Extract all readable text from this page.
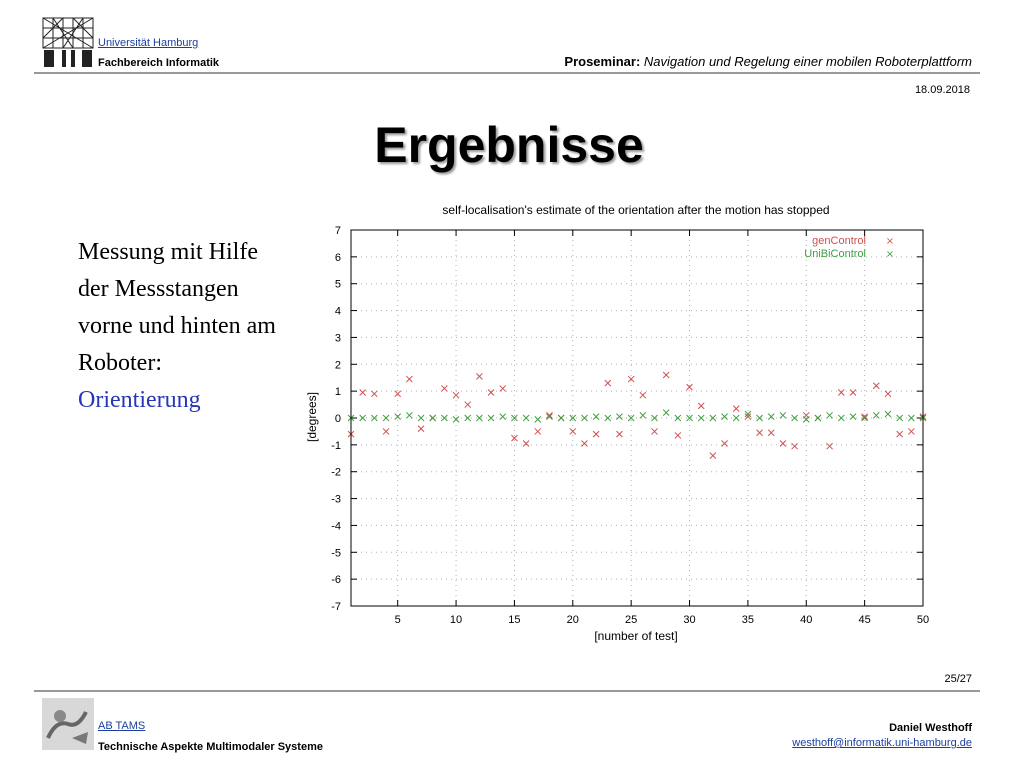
Universität Hamburg
Fachbereich Informatik	Proseminar: Navigation und Regelung einer mobilen Roboterplattform
18.09.2018
Ergebnisse
Messung mit Hilfe
der Messstangen
vorne und hinten am
Roboter:
Orientierung
self-localisation's estimate of the orientation after the motion has stopped
7
6
5
4
3
2
1
0
-1
-2
-3
-4
-5
-6
-7
5	10	15	20	25	30	35	40	45	50
[degrees]
[number of test]
genControl
UniBiControl
×
×
25/27
AB TAMS
Technische Aspekte Multimodaler Systeme
Daniel Westhoff
westhoff@informatik.uni-hamburg.de
